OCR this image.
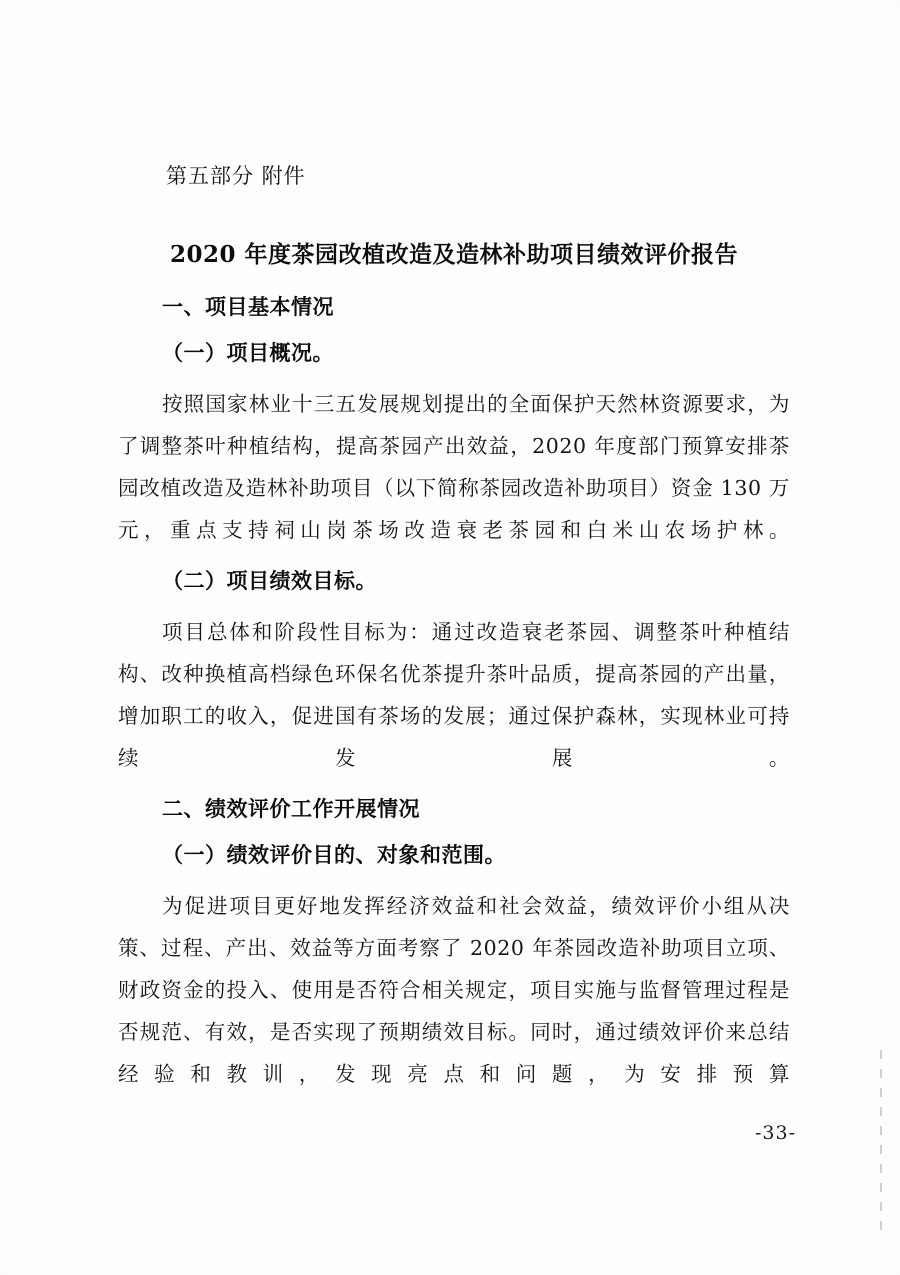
第五部分 附件
2020 年度茶园改植改造及造林补助项目绩效评价报告
一、项目基本情况
（一）项目概况。
按照国家林业十三五发展规划提出的全面保护天然林资源要求，为了调整茶叶种植结构，提高茶园产出效益，2020 年度部门预算安排茶园改植改造及造林补助项目（以下简称茶园改造补助项目）资金 130 万元，重点支持祠山岗茶场改造衰老茶园和白米山农场护林。
（二）项目绩效目标。
项目总体和阶段性目标为：通过改造衰老茶园、调整茶叶种植结构、改种换植高档绿色环保名优茶提升茶叶品质，提高茶园的产出量，增加职工的收入，促进国有茶场的发展；通过保护森林，实现林业可持续发展。
二、绩效评价工作开展情况
（一）绩效评价目的、对象和范围。
为促进项目更好地发挥经济效益和社会效益，绩效评价小组从决策、过程、产出、效益等方面考察了 2020 年茶园改造补助项目立项、财政资金的投入、使用是否符合相关规定，项目实施与监督管理过程是否规范、有效，是否实现了预期绩效目标。同时，通过绩效评价来总结经验和教训，发现亮点和问题，为安排预算
-33-
